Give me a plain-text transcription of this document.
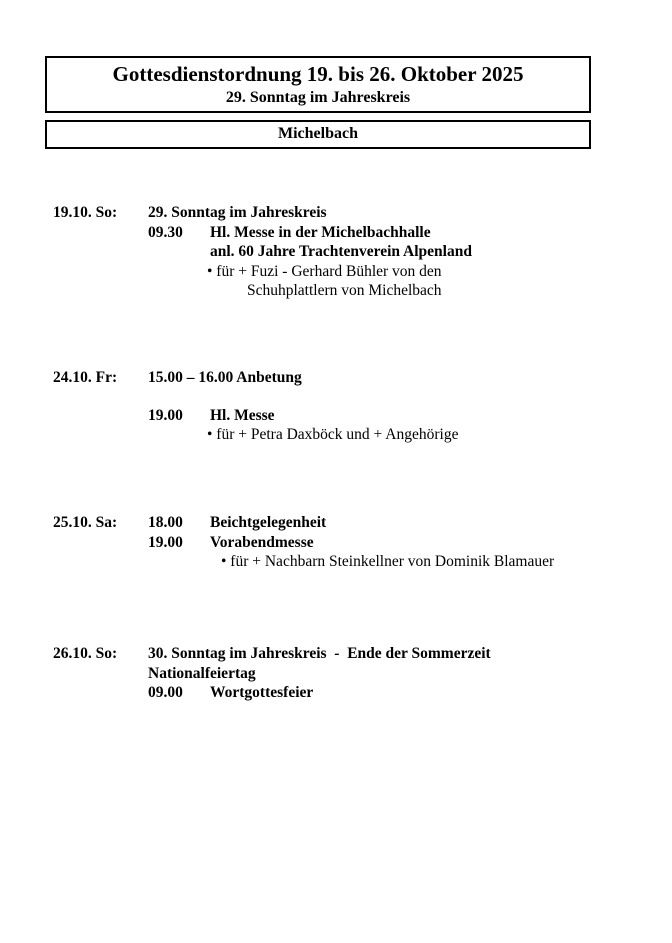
Gottesdienstordnung 19. bis 26. Oktober 2025
29. Sonntag im Jahreskreis
Michelbach
19.10. So: 29. Sonntag im Jahreskreis
09.30 Hl. Messe in der Michelbachhalle
anl. 60 Jahre Trachtenverein Alpenland
• für + Fuzi - Gerhard Bühler von den
Schuhplattlern von Michelbach
24.10. Fr: 15.00 – 16.00 Anbetung
19.00 Hl. Messe
• für + Petra Daxböck und + Angehörige
25.10. Sa: 18.00 Beichtgelegenheit
19.00 Vorabendmesse
• für + Nachbarn Steinkellner von Dominik Blamauer
26.10. So: 30. Sonntag im Jahreskreis  -  Ende der Sommerzeit
Nationalfeiertag
09.00 Wortgottesfeier
